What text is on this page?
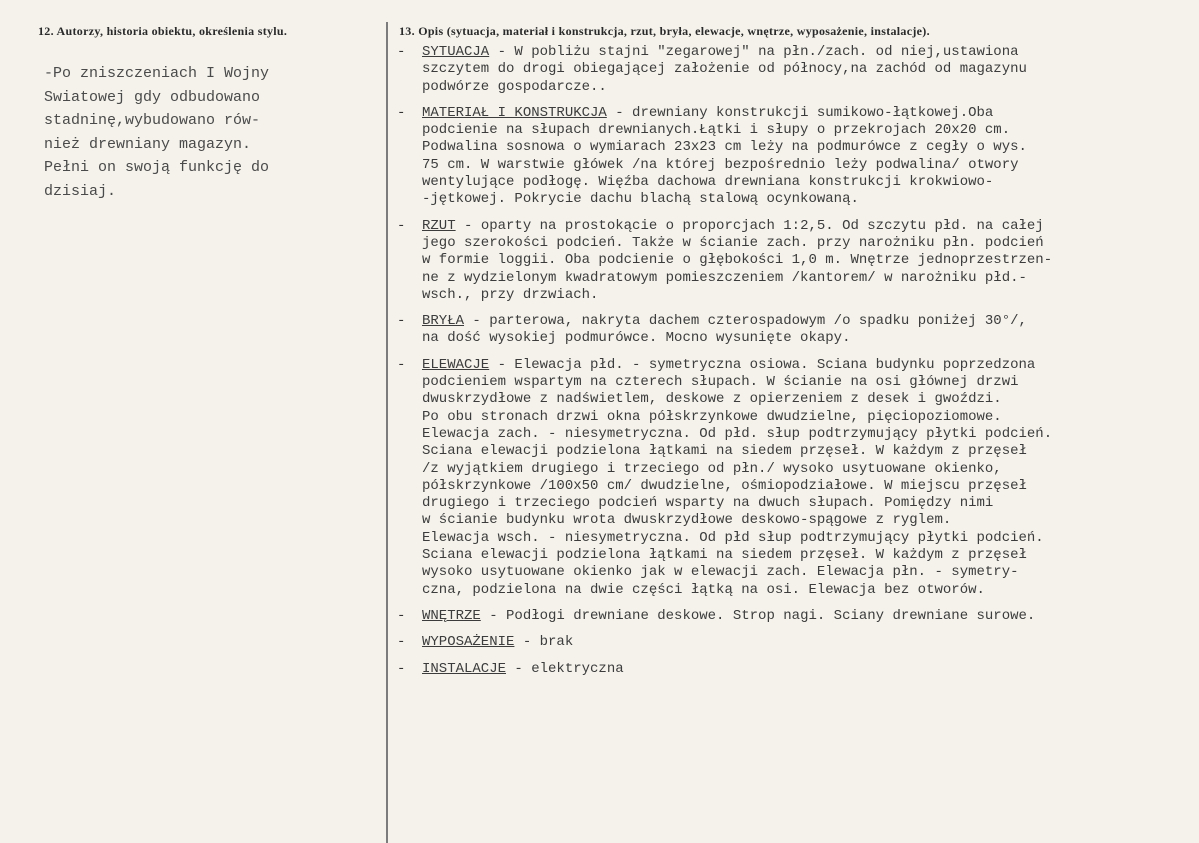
12. Autorzy, historia obiektu, określenia stylu.	13. Opis (sytuacja, materiał i konstrukcja, rzut, bryła, elewacje, wnętrze, wyposażenie, instalacje).
-Po zniszczeniach I Wojny
Swiatowej gdy odbudowano
stadninę,wybudowano rów-
nież drewniany magazyn.
Pełni on swoją funkcję do
dzisiaj.
- SYTUACJA - W pobliżu stajni "zegarowej" na płn./zach. od niej,ustawiona
szczytem do drogi obiegającej założenie od północy,na zachód od magazynu
podwórze gospodarcze..
- MATERIAŁ I KONSTRUKCJA - drewniany konstrukcji sumikowo-łątkowej.Oba
podcienie na słupach drewnianych.Łątki i słupy o przekrojach 20x20 cm.
Podwalina sosnowa o wymiarach 23x23 cm leży na podmurówce z cegły o wys.
75 cm. W warstwie główek /na której bezpośrednio leży podwalina/ otwory
wentylujące podłogę. Więźba dachowa drewniana konstrukcji krokwiowo-
-jętkowej. Pokrycie dachu blachą stalową ocynkowaną.
- RZUT - oparty na prostokącie o proporcjach 1:2,5. Od szczytu płd. na całej
jego szerokości podcień. Także w ścianie zach. przy narożniku płn. podcień
w formie loggii. Oba podcienie o głębokości 1,0 m. Wnętrze jednoprzestrzen-
ne z wydzielonym kwadratowym pomieszczeniem /kantorem/ w narożniku płd.-
wsch., przy drzwiach.
- BRYŁA - parterowa, nakryta dachem czterospadowym /o spadku poniżej 30°/,
na dość wysokiej podmurówce. Mocno wysunięte okapy.
- ELEWACJE - Elewacja płd. - symetryczna osiowa. Sciana budynku poprzedzona
podcieniem wspartym na czterech słupach. W ścianie na osi głównej drzwi
dwuskrzydłowe z nadświetlem, deskowe z opierzeniem z desek i gwoździ.
Po obu stronach drzwi okna półskrzynkowe dwudzielne, pięciopoziomowe.
Elewacja zach. - niesymetryczna. Od płd. słup podtrzymujący płytki podcień.
Sciana elewacji podzielona łątkami na siedem przęseł. W każdym z przęseł
/z wyjątkiem drugiego i trzeciego od płn./ wysoko usytuowane okienko,
półskrzynkowe /100x50 cm/ dwudzielne, ośmiopodziałowe. W miejscu przęseł
drugiego i trzeciego podcień wsparty na dwuch słupach. Pomiędzy nimi
w ścianie budynku wrota dwuskrzydłowe deskowo-spągowe z ryglem.
Elewacja wsch. - niesymetryczna. Od płd słup podtrzymujący płytki podcień.
Sciana elewacji podzielona łątkami na siedem przęseł. W każdym z przęseł
wysoko usytuowane okienko jak w elewacji zach. Elewacja płn. - symetry-
czna, podzielona na dwie części łątką na osi. Elewacja bez otworów.
- WNĘTRZE - Podłogi drewniane deskowe. Strop nagi. Sciany drewniane surowe.
- WYPOSAŻENIE - brak
- INSTALACJE - elektryczna
